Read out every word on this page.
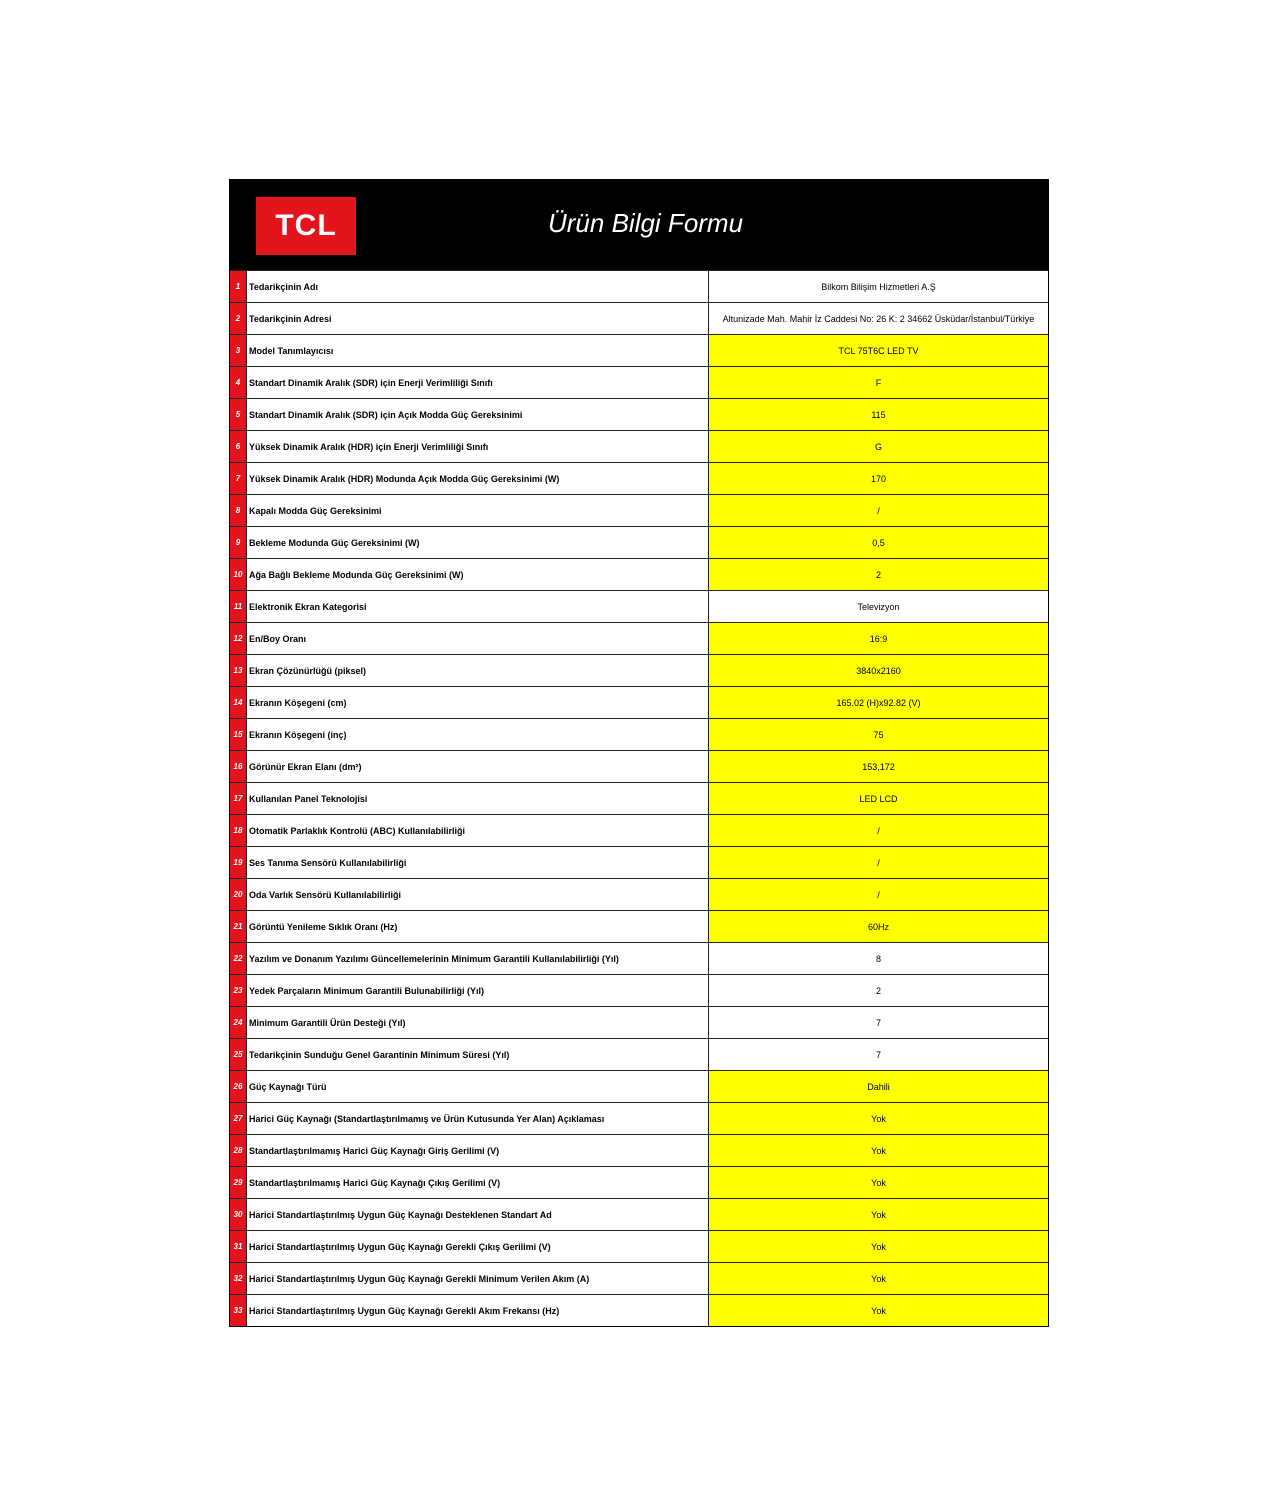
TCL	Ürün Bilgi Formu
1 Tedarikçinin Adı	Bilkom Bilişim Hizmetleri A.Ş
2 Tedarikçinin Adresi	Altunizade Mah. Mahir İz Caddesi No: 26 K: 2 34662 Üsküdar/İstanbul/Türkiye
3 Model Tanımlayıcısı	TCL 75T6C LED TV
4 Standart Dinamik Aralık (SDR) için Enerji Verimliliği Sınıfı	F
5 Standart Dinamik Aralık (SDR) için Açık Modda Güç Gereksinimi	115
6 Yüksek Dinamik Aralık (HDR) için Enerji Verimliliği Sınıfı	G
7 Yüksek Dinamik Aralık (HDR) Modunda Açık Modda Güç Gereksinimi (W)	170
8 Kapalı Modda Güç Gereksinimi	/
9 Bekleme Modunda Güç Gereksinimi (W)	0,5
10 Ağa Bağlı Bekleme Modunda Güç Gereksinimi (W)	2
11 Elektronik Ekran Kategorisi	Televizyon
12 En/Boy Oranı	16:9
13 Ekran Çözünürlüğü (piksel)	3840x2160
14 Ekranın Köşegeni (cm)	165.02 (H)x92.82 (V)
15 Ekranın Köşegeni (inç)	75
16 Görünür Ekran Elanı (dm²)	153,172
17 Kullanılan Panel Teknolojisi	LED LCD
18 Otomatik Parlaklık Kontrolü (ABC) Kullanılabilirliği	/
19 Ses Tanıma Sensörü Kullanılabilirliği	/
20 Oda Varlık Sensörü Kullanılabilirliği	/
21 Görüntü Yenileme Sıklık Oranı (Hz)	60Hz
22 Yazılım ve Donanım Yazılımı Güncellemelerinin Minimum Garantili Kullanılabilirliği (Yıl)	8
23 Yedek Parçaların Minimum Garantili Bulunabilirliği (Yıl)	2
24 Minimum Garantili Ürün Desteği (Yıl)	7
25 Tedarikçinin Sunduğu Genel Garantinin Minimum Süresi (Yıl)	7
26 Güç Kaynağı Türü	Dahili
27 Harici Güç Kaynağı (Standartlaştırılmamış ve Ürün Kutusunda Yer Alan) Açıklaması	Yok
28 Standartlaştırılmamış Harici Güç Kaynağı Giriş Gerilimi (V)	Yok
29 Standartlaştırılmamış Harici Güç Kaynağı Çıkış Gerilimi (V)	Yok
30 Harici Standartlaştırılmış Uygun Güç Kaynağı Desteklenen Standart Ad	Yok
31 Harici Standartlaştırılmış Uygun Güç Kaynağı Gerekli Çıkış Gerilimi (V)	Yok
32 Harici Standartlaştırılmış Uygun Güç Kaynağı Gerekli Minimum Verilen Akım (A)	Yok
33 Harici Standartlaştırılmış Uygun Güç Kaynağı Gerekli Akım Frekansı (Hz)	Yok
